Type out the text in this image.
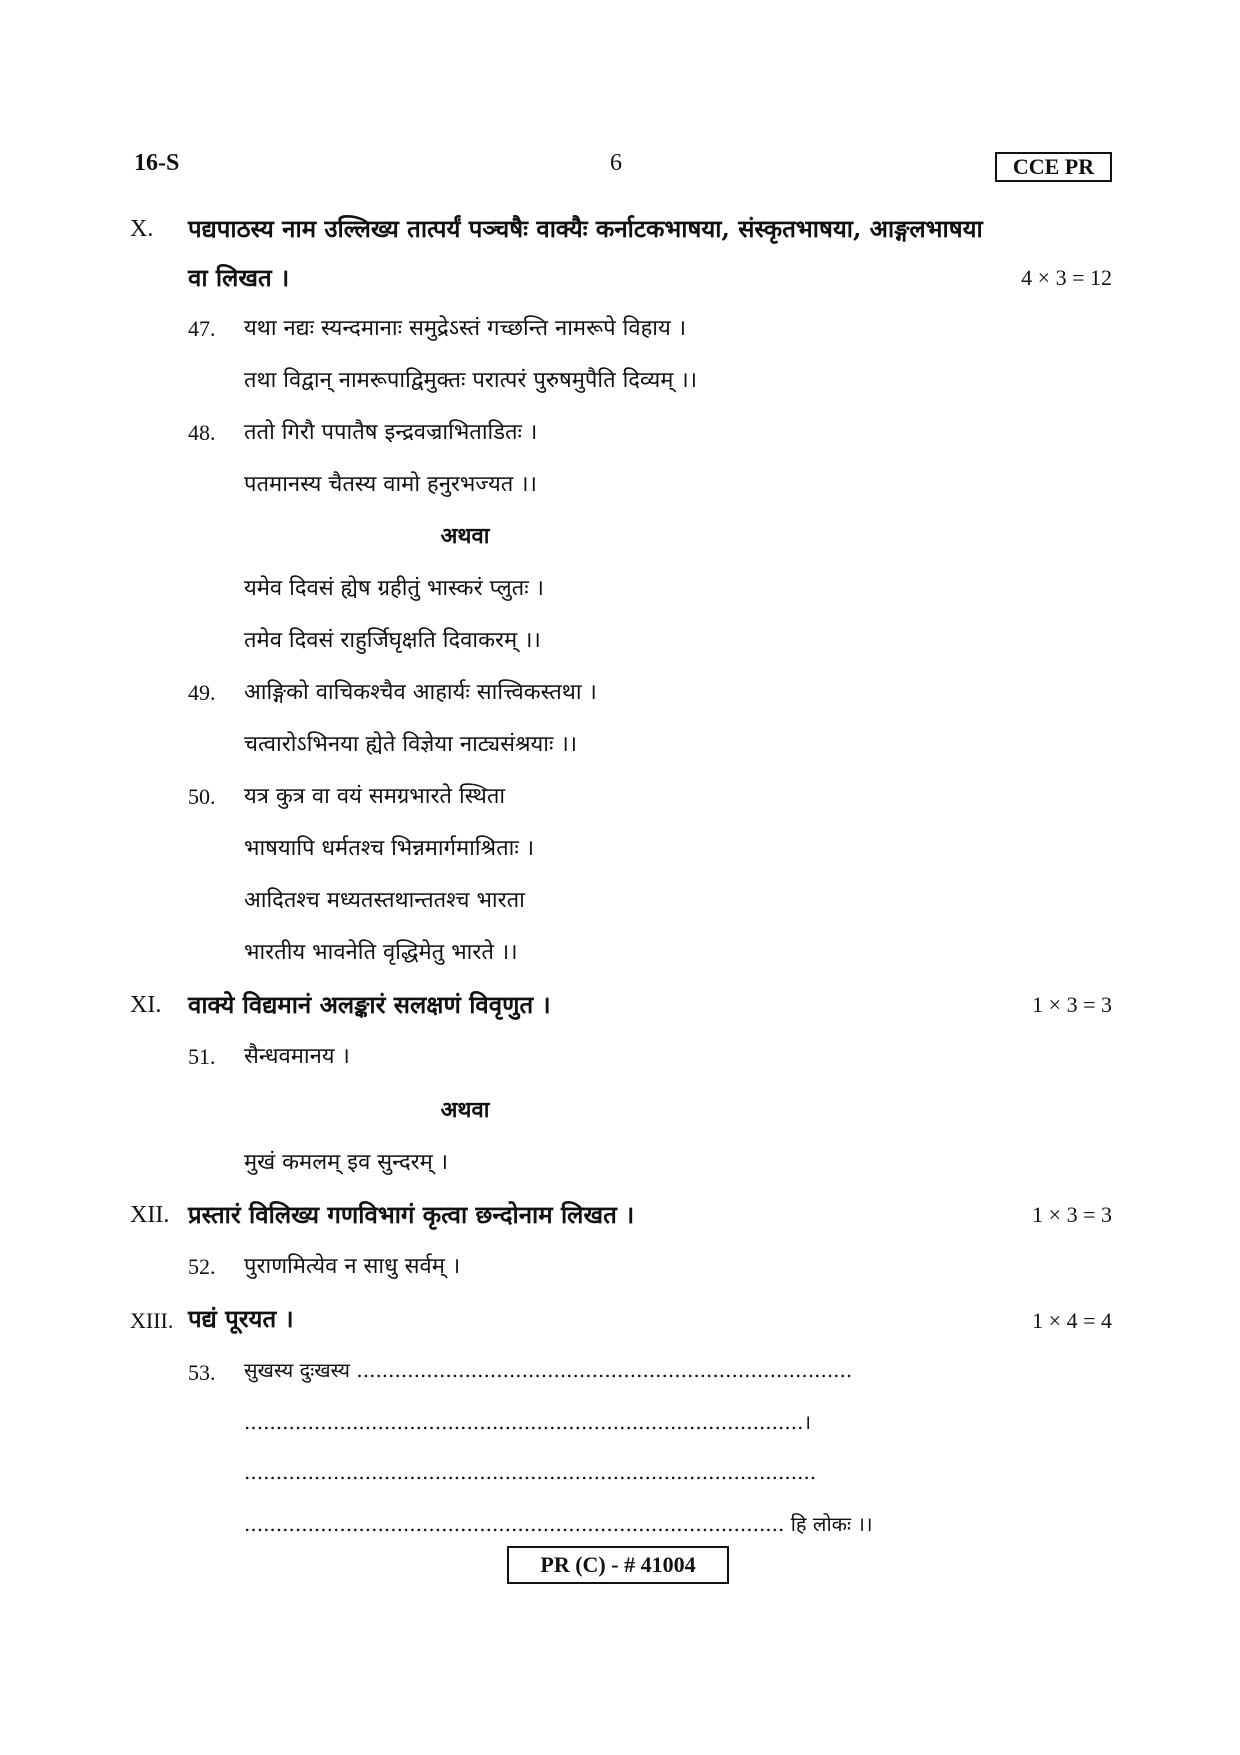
16-S	6	CCE PR
X. पद्यपाठस्य नाम उल्लिख्य तात्पर्यं पञ्चषैः वाक्यैः कर्नाटकभाषया, संस्कृतभाषया, आङ्गलभाषया
वा लिखत ।	4 × 3 = 12
47. यथा नद्यः स्यन्दमानाः समुद्रेऽस्तं गच्छन्ति नामरूपे विहाय ।
तथा विद्वान् नामरूपाद्विमुक्तः परात्परं पुरुषमुपैति दिव्यम् ।।
48. ततो गिरौ पपातैष इन्द्रवज्राभिताडितः ।
पतमानस्य चैतस्य वामो हनुरभज्यत ।।
अथवा
यमेव दिवसं ह्येष ग्रहीतुं भास्करं प्लुतः ।
तमेव दिवसं राहुर्जिघृक्षति दिवाकरम् ।।
49. आङ्गिको वाचिकश्चैव आहार्यः सात्त्विकस्तथा ।
चत्वारोऽभिनया ह्येते विज्ञेया नाट्यसंश्रयाः ।।
50. यत्र कुत्र वा वयं समग्रभारते स्थिता
भाषयापि धर्मतश्च भिन्नमार्गमाश्रिताः ।
आदितश्च मध्यतस्तथान्ततश्च भारता
भारतीय भावनेति वृद्धिमेतु भारते ।।
XI. वाक्ये विद्यमानं अलङ्कारं सलक्षणं विवृणुत ।	1 × 3 = 3
51. सैन्धवमानय ।
अथवा
मुखं कमलम् इव सुन्दरम् ।
XII. प्रस्तारं विलिख्य गणविभागं कृत्वा छन्दोनाम लिखत ।	1 × 3 = 3
52. पुराणमित्येव न साधु सर्वम् ।
XIII. पद्यं पूरयत ।	1 × 4 = 4
53. सुखस्य दुःखस्य ..............................................................................
........................................................................................।
..........................................................................................
..................................................................................... हि लोकः ।।
PR (C) - # 41004
